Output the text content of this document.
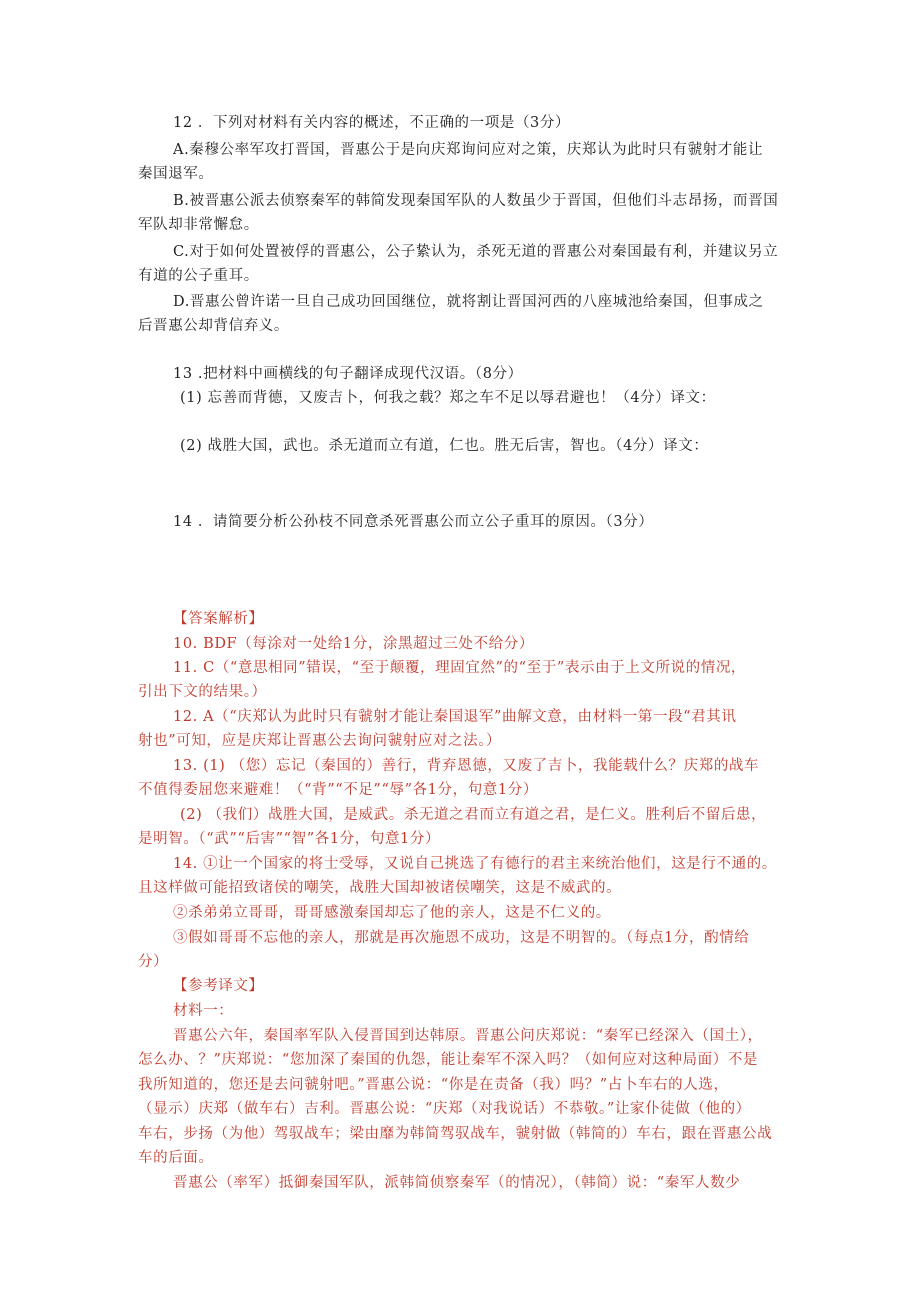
12 ．下列对材料有关内容的概述，不正确的一项是（3分）
A.秦穆公率军攻打晋国，晋惠公于是向庆郑询问应对之策，庆郑认为此时只有虢射才能让
秦国退军。
B.被晋惠公派去侦察秦军的韩简发现秦国军队的人数虽少于晋国，但他们斗志昂扬，而晋国
军队却非常懈怠。
C.对于如何处置被俘的晋惠公，公子絷认为，杀死无道的晋惠公对秦国最有利，并建议另立
有道的公子重耳。
D.晋惠公曾许诺一旦自己成功回国继位，就将割让晋国河西的八座城池给秦国，但事成之
后晋惠公却背信弃义。
13 .把材料中画横线的句子翻译成现代汉语。（8分）
(1) 忘善而背德，又废吉卜，何我之载？郑之车不足以辱君避也！（4分）译文：
(2) 战胜大国，武也。杀无道而立有道，仁也。胜无后害，智也。（4分）译文：
14 ．请简要分析公孙枝不同意杀死晋惠公而立公子重耳的原因。（3分）
【答案解析】
10. BDF（每涂对一处给1分，涂黑超过三处不给分）
11. C（“意思相同”错误，“至于颠覆，理固宜然”的“至于”表示由于上文所说的情况，
引出下文的结果。）
12. A（“庆郑认为此时只有虢射才能让秦国退军”曲解文意，由材料一第一段“君其讯
射也”可知，应是庆郑让晋惠公去询问虢射应对之法。）
13. (1) （您）忘记（秦国的）善行，背弃恩德，又废了吉卜，我能载什么？庆郑的战车
不值得委屈您来避难！（“背”“不足”“辱”各1分，句意1分）
(2) （我们）战胜大国，是威武。杀无道之君而立有道之君，是仁义。胜利后不留后患，
是明智。（“武”“后害”“智”各1分，句意1分）
14. ①让一个国家的将士受辱，又说自己挑选了有德行的君主来统治他们，这是行不通的。
且这样做可能招致诸侯的嘲笑，战胜大国却被诸侯嘲笑，这是不威武的。
②杀弟弟立哥哥，哥哥感激秦国却忘了他的亲人，这是不仁义的。
③假如哥哥不忘他的亲人，那就是再次施恩不成功，这是不明智的。（每点1分，酌情给
分）
【参考译文】
材料一：
晋惠公六年，秦国率军队入侵晋国到达韩原。晋惠公问庆郑说：“秦军已经深入（国土），
怎么办、？”庆郑说：“您加深了秦国的仇怨，能让秦军不深入吗？（如何应对这种局面）不是
我所知道的，您还是去问虢射吧。”晋惠公说：“你是在责备（我）吗？”占卜车右的人选，
（显示）庆郑（做车右）吉利。晋惠公说：“庆郑（对我说话）不恭敬。”让家仆徒做（他的）
车右，步扬（为他）驾驭战车；梁由靡为韩简驾驭战车，虢射做（韩简的）车右，跟在晋惠公战
车的后面。
晋惠公（率军）抵御秦国军队，派韩简侦察秦军（的情况），（韩简）说：“秦军人数少
